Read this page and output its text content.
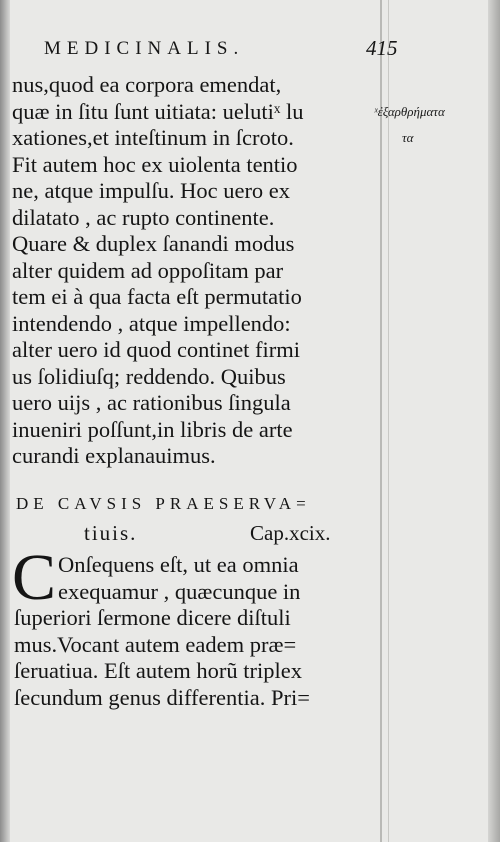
MEDICINALIS.	415
nus,quod ea corpora emendat,
quæ in ſitu ſunt uitiata: uelutiˣ lu
xationes,et inteſtinum in ſcroto.
Fit autem hoc ex uiolenta tentio
ne, atque impulſu. Hoc uero ex
dilatato , ac rupto continente.
Quare & duplex ſanandi modus
alter quidem ad oppoſitam par
tem ei à qua facta eſt permutatio
intendendo , atque impellendo:
alter uero id quod continet firmi
us ſolidiuſq; reddendo. Quibus
uero uijs , ac rationibus ſingula
inueniri poſſunt,in libris de arte
curandi explanauimus.
DE CAVSIS PRAESERVA=
tiuis.	Cap.xcix.
C Onſequens eſt, ut ea omnia
exequamur , quæcunque in
ſuperiori ſermone dicere diſtuli
mus.Vocant autem eadem præ=
ſeruatiua. Eſt autem horũ triplex
ſecundum genus differentia. Pri=
ˣἐξαρθρήματα
τα
